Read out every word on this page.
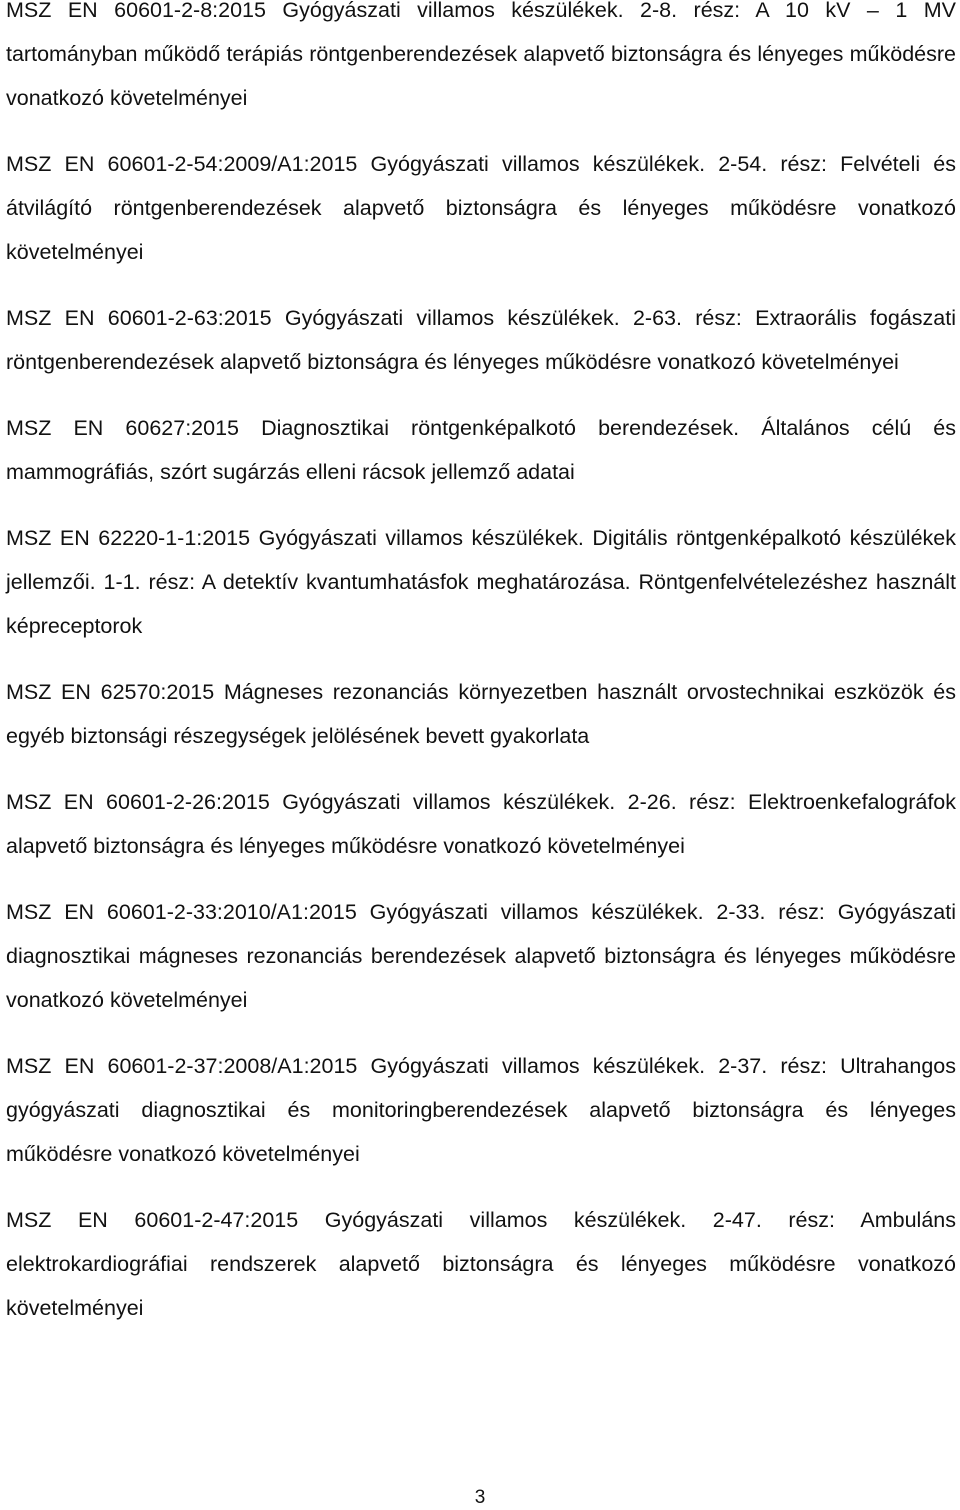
MSZ EN 60601-2-8:2015 Gyógyászati villamos készülékek. 2-8. rész: A 10 kV – 1 MV tartományban működő terápiás röntgenberendezések alapvető biztonságra és lényeges működésre vonatkozó követelményei

MSZ EN 60601-2-54:2009/A1:2015 Gyógyászati villamos készülékek. 2-54. rész: Felvételi és átvilágító röntgenberendezések alapvető biztonságra és lényeges működésre vonatkozó követelményei

MSZ EN 60601-2-63:2015 Gyógyászati villamos készülékek. 2-63. rész: Extraorális fogászati röntgenberendezések alapvető biztonságra és lényeges működésre vonatkozó követelményei

MSZ EN 60627:2015 Diagnosztikai röntgenképalkotó berendezések. Általános célú és mammográfiás, szórt sugárzás elleni rácsok jellemző adatai

MSZ EN 62220-1-1:2015 Gyógyászati villamos készülékek. Digitális röntgenképalkotó készülékek jellemzői. 1-1. rész: A detektív kvantumhatásfok meghatározása. Röntgenfelvételezéshez használt képreceptorok

MSZ EN 62570:2015 Mágneses rezonanciás környezetben használt orvostechnikai eszközök és egyéb biztonsági részegységek jelölésének bevett gyakorlata

MSZ EN 60601-2-26:2015 Gyógyászati villamos készülékek. 2-26. rész: Elektroenkefalográfok alapvető biztonságra és lényeges működésre vonatkozó követelményei

MSZ EN 60601-2-33:2010/A1:2015 Gyógyászati villamos készülékek. 2-33. rész: Gyógyászati diagnosztikai mágneses rezonanciás berendezések alapvető biztonságra és lényeges működésre vonatkozó követelményei

MSZ EN 60601-2-37:2008/A1:2015 Gyógyászati villamos készülékek. 2-37. rész: Ultrahangos gyógyászati diagnosztikai és monitoringberendezések alapvető biztonságra és lényeges működésre vonatkozó követelményei

MSZ EN 60601-2-47:2015 Gyógyászati villamos készülékek. 2-47. rész: Ambuláns elektrokardiográfiai rendszerek alapvető biztonságra és lényeges működésre vonatkozó követelményei

3
